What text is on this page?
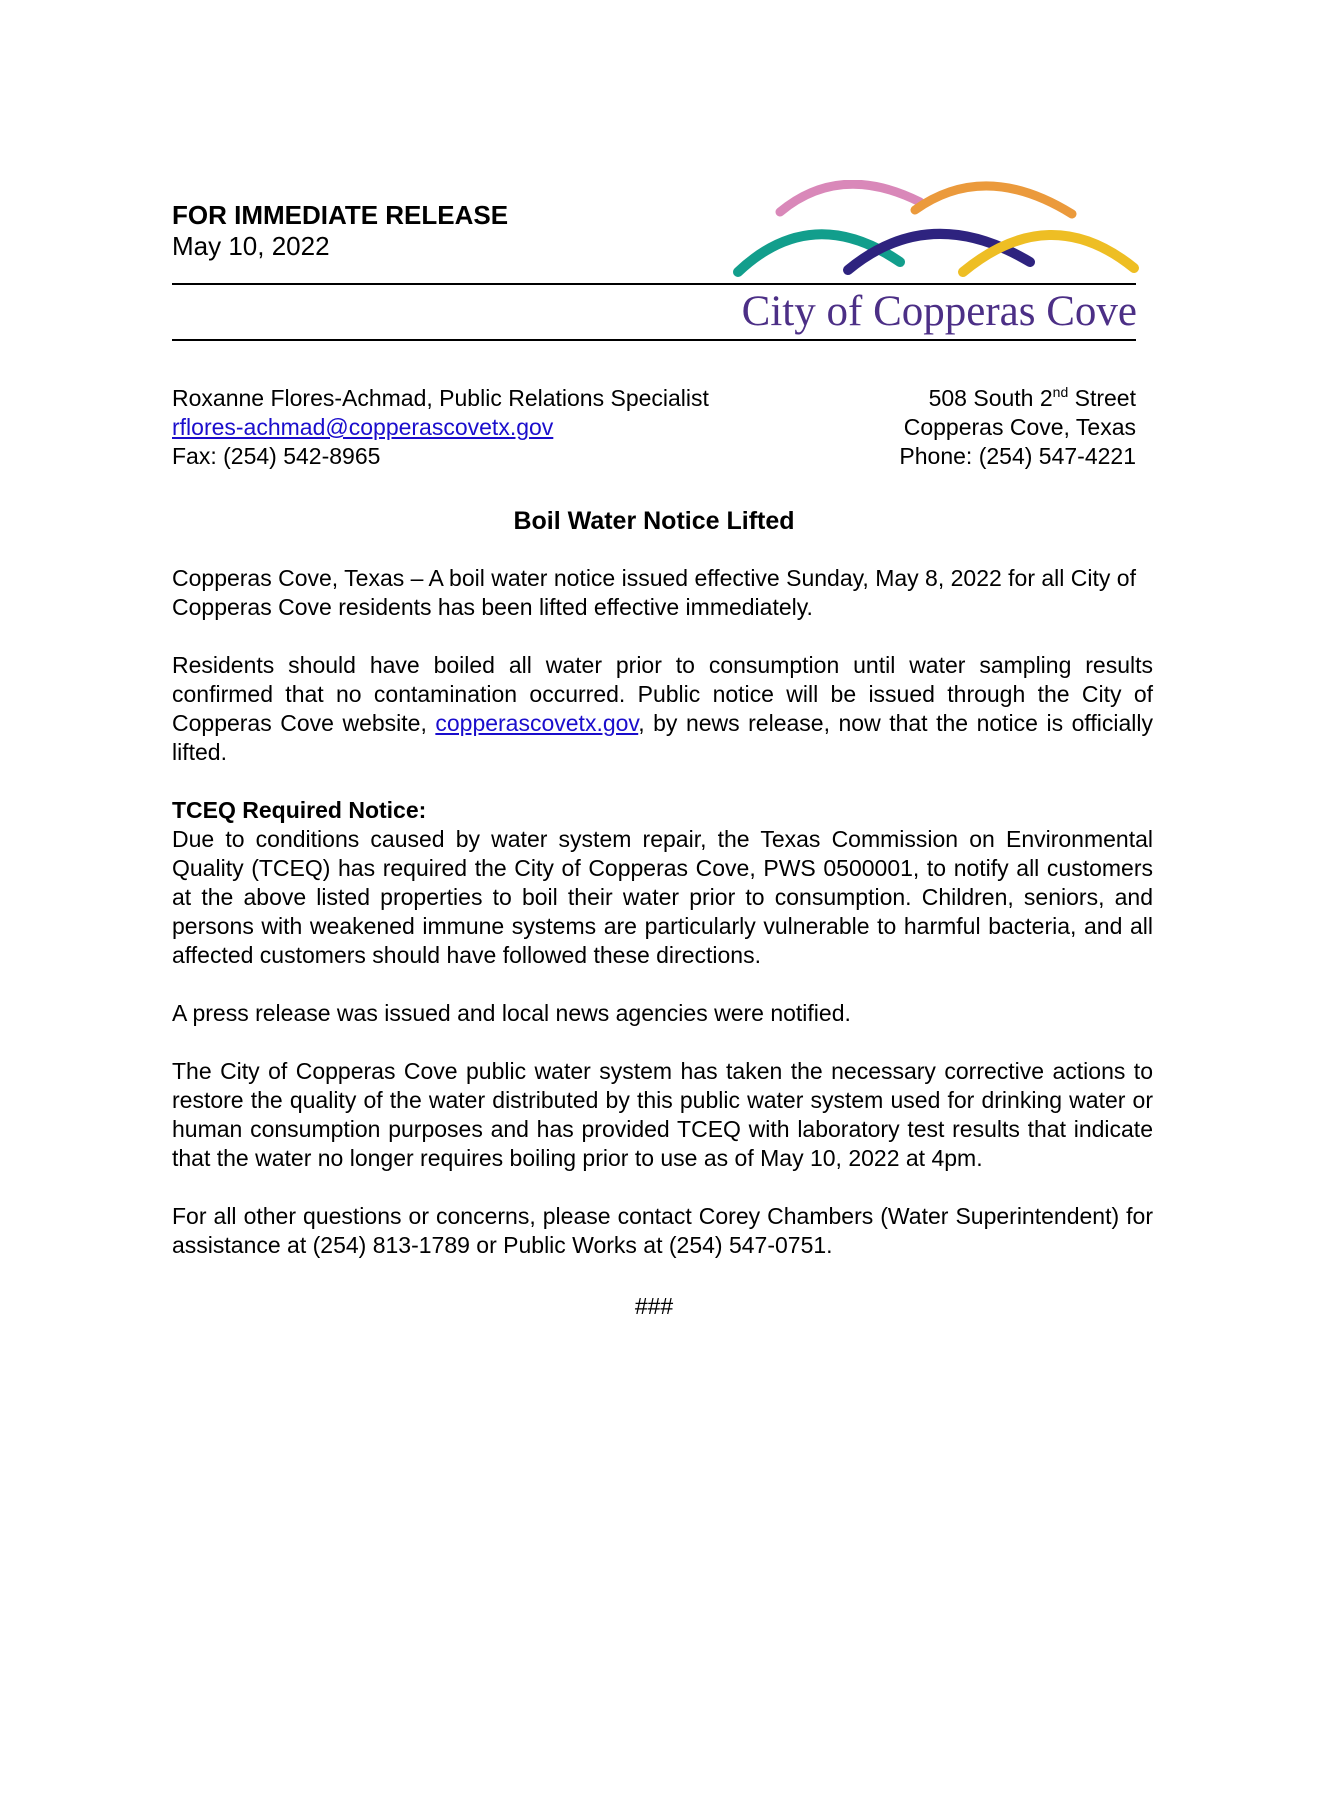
FOR IMMEDIATE RELEASE
May 10, 2022
City of Copperas Cove
Roxanne Flores-Achmad, Public Relations Specialist
rflores-achmad@copperascovetx.gov
Fax: (254) 542-8965
508 South 2nd Street
Copperas Cove, Texas
Phone: (254) 547-4221
Boil Water Notice Lifted

Copperas Cove, Texas – A boil water notice issued effective Sunday, May 8, 2022 for all City of Copperas Cove residents has been lifted effective immediately.

Residents should have boiled all water prior to consumption until water sampling results confirmed that no contamination occurred. Public notice will be issued through the City of Copperas Cove website, copperascovetx.gov, by news release, now that the notice is officially lifted.

TCEQ Required Notice:

Due to conditions caused by water system repair, the Texas Commission on Environmental Quality (TCEQ) has required the City of Copperas Cove, PWS 0500001, to notify all customers at the above listed properties to boil their water prior to consumption. Children, seniors, and persons with weakened immune systems are particularly vulnerable to harmful bacteria, and all affected customers should have followed these directions.

A press release was issued and local news agencies were notified.

The City of Copperas Cove public water system has taken the necessary corrective actions to restore the quality of the water distributed by this public water system used for drinking water or human consumption purposes and has provided TCEQ with laboratory test results that indicate that the water no longer requires boiling prior to use as of May 10, 2022 at 4pm.

For all other questions or concerns, please contact Corey Chambers (Water Superintendent) for assistance at (254) 813-1789 or Public Works at (254) 547-0751.

###
